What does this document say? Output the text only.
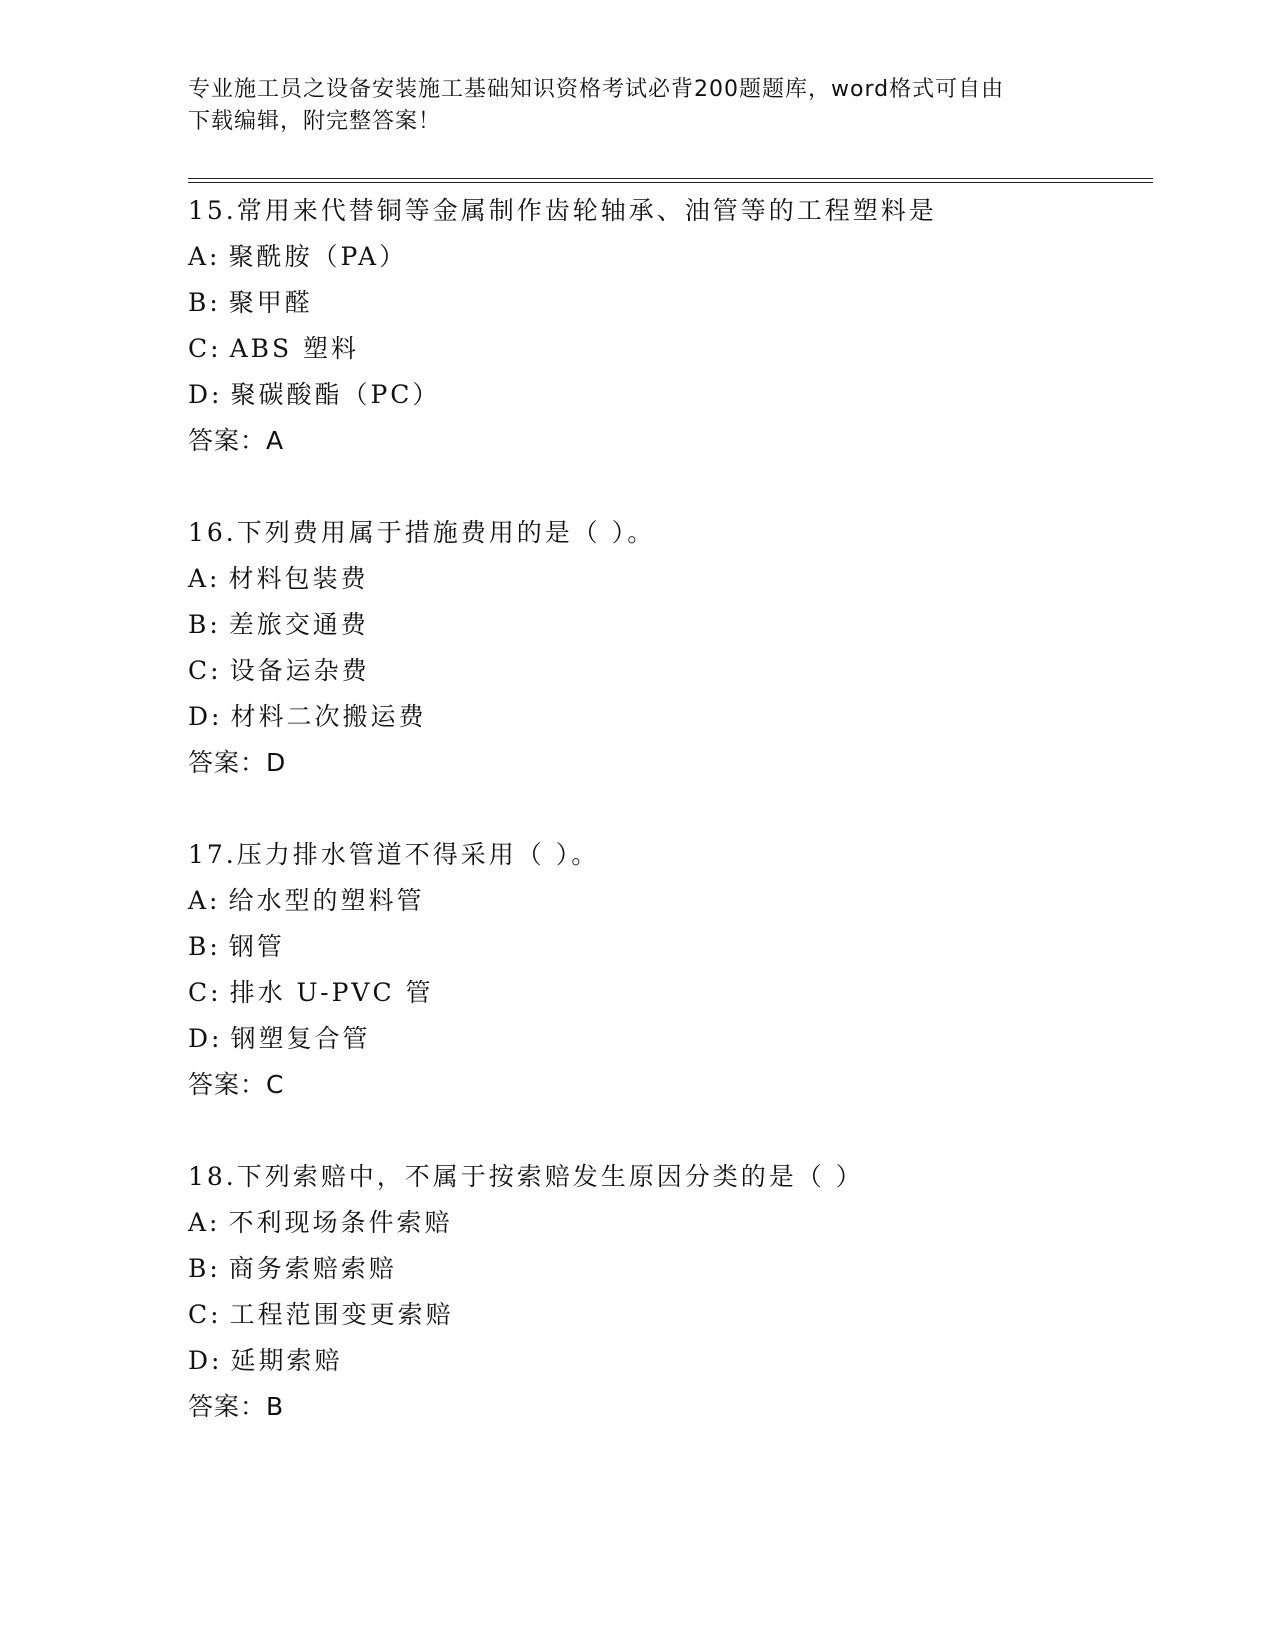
专业施工员之设备安装施工基础知识资格考试必背200题题库，word格式可自由
下载编辑，附完整答案！
15.常用来代替铜等金属制作齿轮轴承、油管等的工程塑料是
A: 聚酰胺（PA）
B: 聚甲醛
C: ABS 塑料
D: 聚碳酸酯（PC）
答案：A
16.下列费用属于措施费用的是（ ）。
A: 材料包装费
B: 差旅交通费
C: 设备运杂费
D: 材料二次搬运费
答案：D
17.压力排水管道不得采用（ ）。
A: 给水型的塑料管
B: 钢管
C: 排水 U-PVC 管
D: 钢塑复合管
答案：C
18.下列索赔中，不属于按索赔发生原因分类的是（ ）
A: 不利现场条件索赔
B: 商务索赔索赔
C: 工程范围变更索赔
D: 延期索赔
答案：B
